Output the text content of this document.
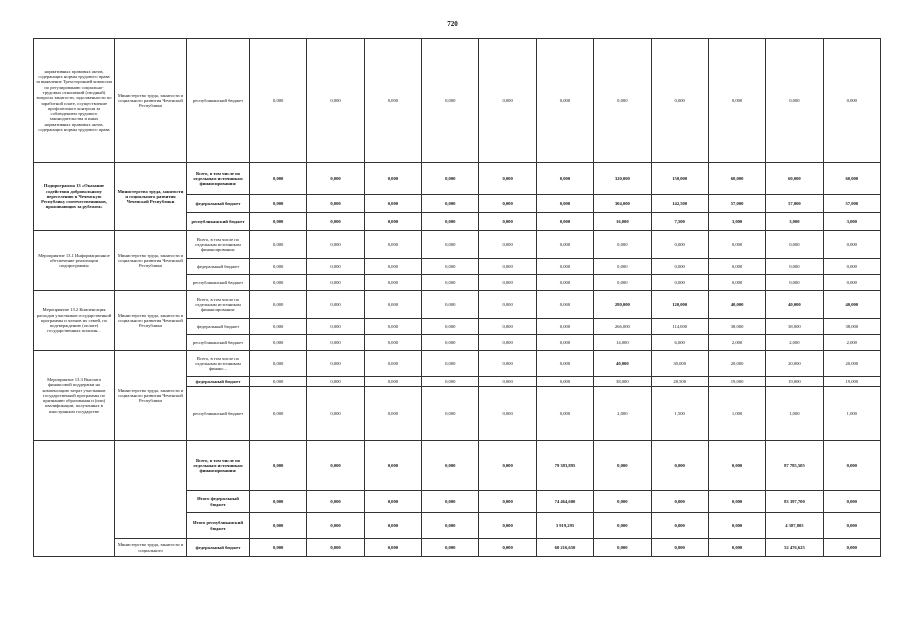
720
нормативных правовых актов, содержащих нормы трудового права за выявление Трехсторонней комиссии по регулированию социально-трудовых отношений (сводный) вопросы занятости, задолженности по заработной плате, осуществление профсоюзного контроля за соблюдением трудового законодательства и иных нормативных правовых актов, содержащих нормы трудового права	Министерство труда, занятости и социального развития Чеченской Республики	республиканский бюджет	0,000	0,000	0,000	0,000	0,000	0,000	0,000	0,000	0,000	0,000	0,000
Подпрограмма 13 «Оказание содействия добровольному переселению в Чеченскую Республику соотечественников, проживающих за рубежом»	Министерство труда, занятости и социального развития Чеченской Республики	Всего, в том числе по отдельным источникам финансирования:	0,000	0,000	0,000	0,000	0,000	0,000	320,000	150,000	60,000	60,000	60,000
		федеральный бюджет	0,000	0,000	0,000	0,000	0,000	0,000	304,000	142,500	57,000	57,000	57,000
		республиканский бюджет	0,000	0,000	0,000	0,000	0,000	0,000	16,000	7,500	3,000	3,000	3,000
Мероприятие 13.1 Информационное обеспечение реализации подпрограммы	Министерство труда, занятости и социального развития Чеченской Республики	Всего, в том числе по отдельным источникам финансирования:	0,000	0,000	0,000	0,000	0,000	0,000	0,000	0,000	0,000	0,000	0,000
		федеральный бюджет	0,000	0,000	0,000	0,000	0,000	0,000	0,000	0,000	0,000	0,000	0,000
		республиканский бюджет	0,000	0,000	0,000	0,000	0,000	0,000	0,000	0,000	0,000	0,000	0,000
Мероприятие 13.2 Компенсация расходов участников государственной программы и членов их семей, по подтверждению (оплате) государственных пошлин...	Министерство труда, занятости и социального развития Чеченской Республики	Всего, в том числе по отдельным источникам финансирования:	0,000	0,000	0,000	0,000	0,000	0,000	280,000	120,000	40,000	40,000	40,000
		федеральный бюджет	0,000	0,000	0,000	0,000	0,000	0,000	266,000	114,000	38,000	38,000	38,000
		республиканский бюджет	0,000	0,000	0,000	0,000	0,000	0,000	14,000	6,000	2,000	2,000	2,000
Мероприятие 13.3 Выплата финансовой поддержки на компенсацию затрат участников государственной программы по признанию образования и (или) квалификации, полученных в иностранном государстве	Министерство труда, занятости и социального развития Чеченской Республики	Всего, в том числе по отдельным источникам финанс...	0,000	0,000	0,000	0,000	0,000	0,000	40,000	30,000	20,000	20,000	20,000
		федеральный бюджет	0,000	0,000	0,000	0,000	0,000	0,000	38,000	28,500	19,000	19,000	19,000
		республиканский бюджет	0,000	0,000	0,000	0,000	0,000	0,000	2,000	1,500	1,000	1,000	1,000
		Всего, в том числе по отдельным источникам финансирования:	0,000	0,000	0,000	0,000	0,000	79 383,895	0,000	0,000	0,000	87 785,505	0,000
		Итого федеральный бюджет	0,000	0,000	0,000	0,000	0,000	74 464,600	0,000	0,000	0,000	83 397,700	0,000
		Итого республиканский бюджет	0,000	0,000	0,000	0,000	0,000	3 919,295	0,000	0,000	0,000	4 387,805	0,000
	Министерство труда, занятости и социального	федеральный бюджет	0,000	0,000	0,000	0,000	0,000	60 216,650	0,000	0,000	0,000	52 476,625	0,000
